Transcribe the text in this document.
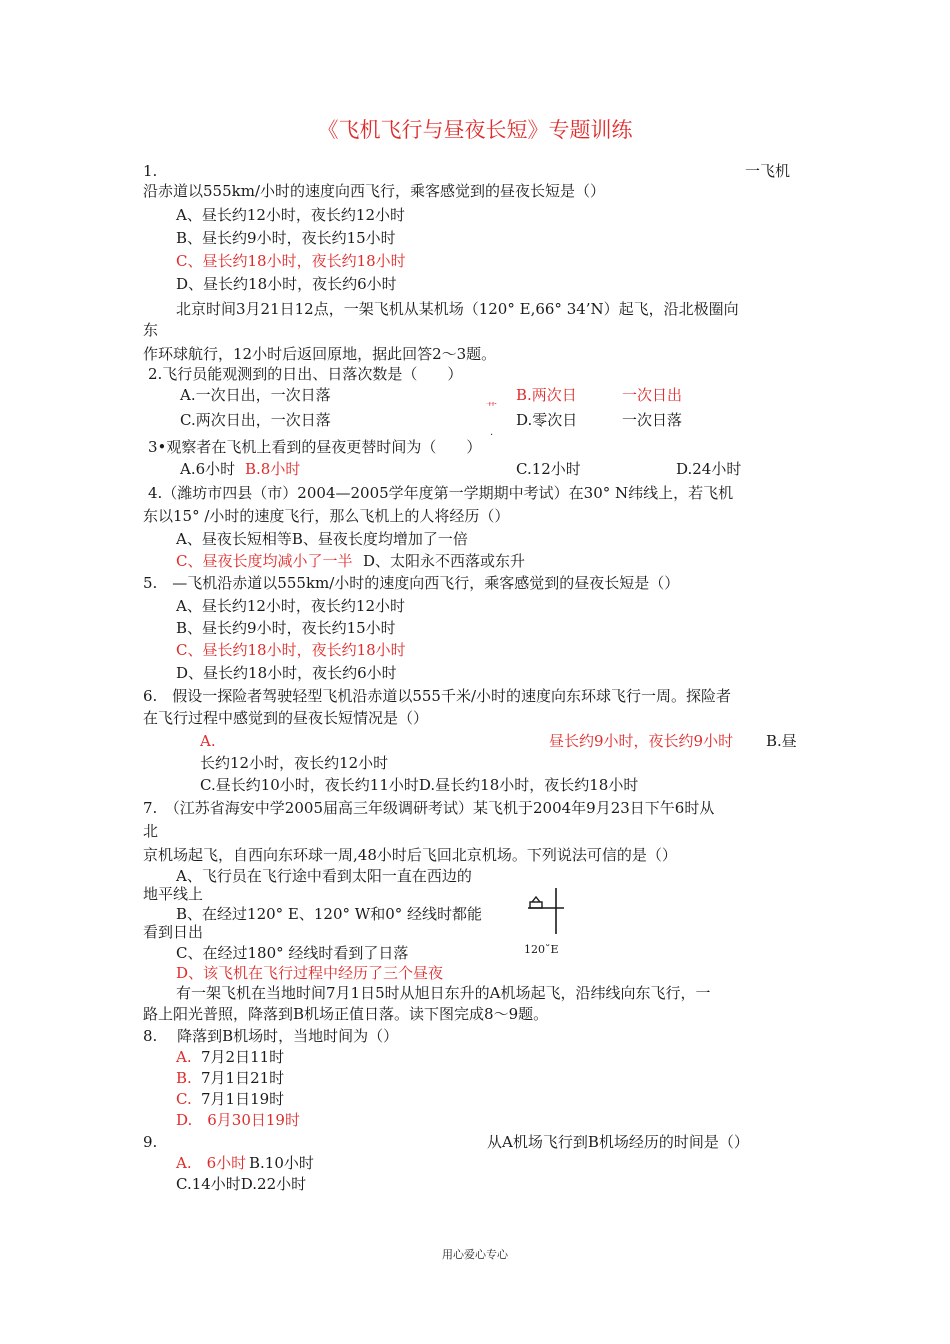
《飞机飞行与昼夜长短》专题训练
1.	一飞机
沿赤道以555km/小时的速度向西飞行，乘客感觉到的昼夜长短是（）
A、昼长约12小时，夜长约12小时
B、昼长约9小时，夜长约15小时
C、昼长约18小时，夜长约18小时
D、昼长约18小时，夜长约6小时
北京时间3月21日12点，一架飞机从某机场（120° E,66° 34’N）起飞，沿北极圈向
东
作环球航行，12小时后返回原地，据此回答2～3题。
2.飞行员能观测到的日出、日落次数是（　　）
A.一次日出，一次日落	B.两次日	一次日出
艹
C.两次日出，一次日落	D.零次日	一次日落
.
3•观察者在飞机上看到的昼夜更替时间为（　　）
A.6小时 B.8小时	C.12小时	D.24小时
4.（潍坊市四县（市）2004—2005学年度第一学期期中考试）在30° N纬线上，若飞机
东以15° /小时的速度飞行，那么飞机上的人将经历（）
A、昼夜长短相等B、昼夜长度均增加了一倍
C、昼夜长度均减小了一半 D、太阳永不西落或东升
5.　—飞机沿赤道以555km/小时的速度向西飞行，乘客感觉到的昼夜长短是（）
A、昼长约12小时，夜长约12小时
B、昼长约9小时，夜长约15小时
C、昼长约18小时，夜长约18小时
D、昼长约18小时，夜长约6小时
6.　假设一探险者驾驶轻型飞机沿赤道以555千米/小时的速度向东环球飞行一周。探险者
在飞行过程中感觉到的昼夜长短情况是（）
A.	昼长约9小时，夜长约9小时 B.昼
长约12小时，夜长约12小时
C.昼长约10小时，夜长约11小时D.昼长约18小时，夜长约18小时
7.　（江苏省海安中学2005届高三年级调研考试）某飞机于2004年9月23日下午6时从
北
京机场起飞，自西向东环球一周,48小时后飞回北京机场。下列说法可信的是（）
A、飞行员在飞行途中看到太阳一直在西边的
地平线上
B、在经过120° E、120° W和0° 经线时都能
看到日出
C、在经过180° 经线时看到了日落
D、该飞机在飞行过程中经历了三个昼夜
120˚E
有一架飞机在当地时间7月1日5时从旭日东升的A机场起飞，沿纬线向东飞行，一
路上阳光普照，降落到B机场正值日落。读下图完成8～9题。
8.　 降落到B机场时，当地时间为（）
A. 7月2日11时
B. 7月1日21时
C. 7月1日19时
D.　6月30日19时
9.	从A机场飞行到B机场经历的时间是（）
A.　6小时 B.10小时
C.14小时D.22小时
用心爱心专心
